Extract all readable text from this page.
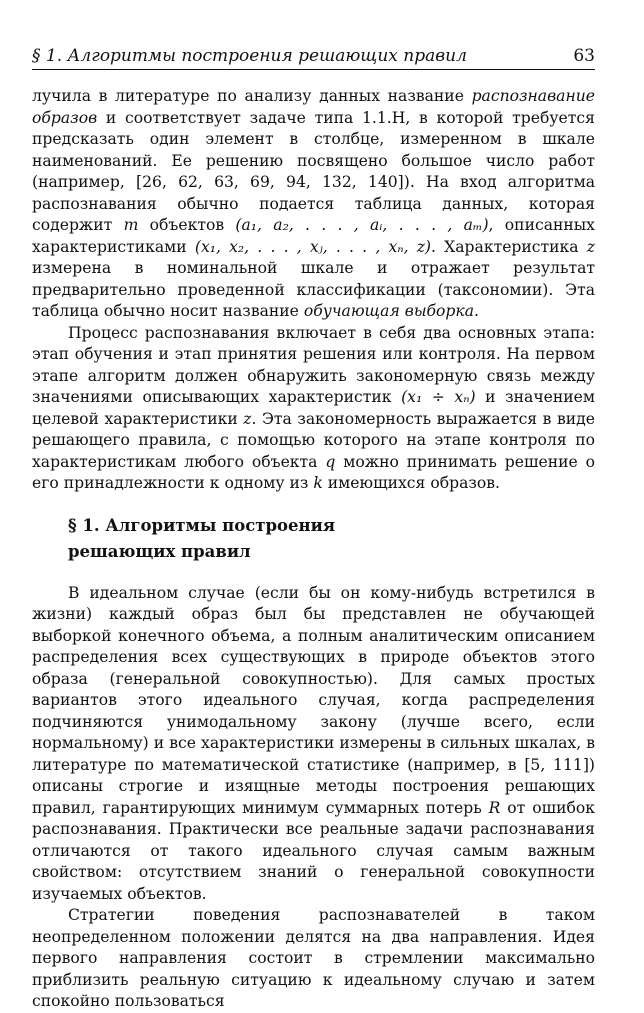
§ 1. Алгоритмы построения решающих правил	63

лучила в литературе по анализу данных название распознавание образов и соответствует задаче типа 1.1.H, в которой требуется предсказать один элемент в столбце, измеренном в шкале наименований. Ее решению посвящено большое число работ (например, [26, 62, 63, 69, 94, 132, 140]). На вход алгоритма распознавания обычно подается таблица данных, которая содержит m объектов (a₁, a₂, . . . , aᵢ, . . . , aₘ), описанных характеристиками (x₁, x₂, . . . , xⱼ, . . . , xₙ, z). Характеристика z измерена в номинальной шкале и отражает результат предварительно проведенной классификации (таксономии). Эта таблица обычно носит название обучающая выборка.

Процесс распознавания включает в себя два основных этапа: этап обучения и этап принятия решения или контроля. На первом этапе алгоритм должен обнаружить закономерную связь между значениями описывающих характеристик (x₁ ÷ xₙ) и значением целевой характеристики z. Эта закономерность выражается в виде решающего правила, с помощью которого на этапе контроля по характеристикам любого объекта q можно принимать решение о его принадлежности к одному из k имеющихся образов.

§ 1. Алгоритмы построения решающих правил

В идеальном случае (если бы он кому-нибудь встретился в жизни) каждый образ был бы представлен не обучающей выборкой конечного объема, а полным аналитическим описанием распределения всех существующих в природе объектов этого образа (генеральной совокупностью). Для самых простых вариантов этого идеального случая, когда распределения подчиняются унимодальному закону (лучше всего, если нормальному) и все характеристики измерены в сильных шкалах, в литературе по математической статистике (например, в [5, 111]) описаны строгие и изящные методы построения решающих правил, гарантирующих минимум суммарных потерь R от ошибок распознавания. Практически все реальные задачи распознавания отличаются от такого идеального случая самым важным свойством: отсутствием знаний о генеральной совокупности изучаемых объектов.

Стратегии поведения распознавателей в таком неопределенном положении делятся на два направления. Идея первого направления состоит в стремлении максимально приблизить реальную ситуацию к идеальному случаю и затем спокойно пользоваться
